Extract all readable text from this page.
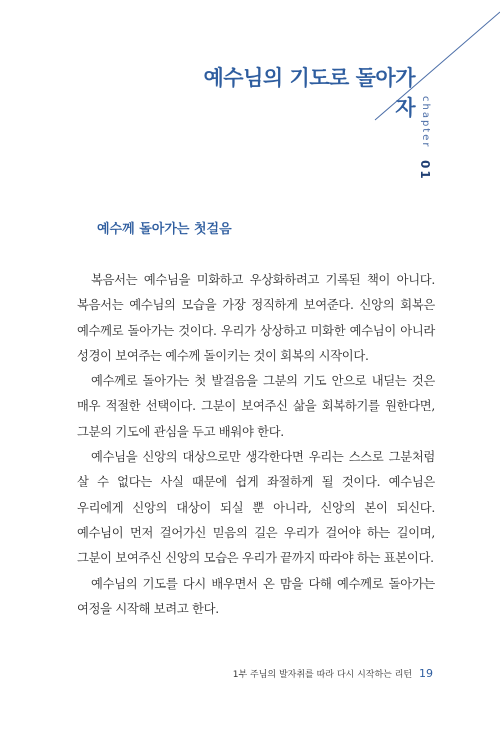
예수님의 기도로 돌아가자 chapter 01
예수께 돌아가는 첫걸음

복음서는 예수님을 미화하고 우상화하려고 기록된 책이 아니다. 복음서는 예수님의 모습을 가장 정직하게 보여준다. 신앙의 회복은 예수께로 돌아가는 것이다. 우리가 상상하고 미화한 예수님이 아니라 성경이 보여주는 예수께 돌이키는 것이 회복의 시작이다.

예수께로 돌아가는 첫 발걸음을 그분의 기도 안으로 내딛는 것은 매우 적절한 선택이다. 그분이 보여주신 삶을 회복하기를 원한다면, 그분의 기도에 관심을 두고 배워야 한다.

예수님을 신앙의 대상으로만 생각한다면 우리는 스스로 그분처럼 살 수 없다는 사실 때문에 쉽게 좌절하게 될 것이다. 예수님은 우리에게 신앙의 대상이 되실 뿐 아니라, 신앙의 본이 되신다. 예수님이 먼저 걸어가신 믿음의 길은 우리가 걸어야 하는 길이며, 그분이 보여주신 신앙의 모습은 우리가 끝까지 따라야 하는 표본이다.

예수님의 기도를 다시 배우면서 온 맘을 다해 예수께로 돌아가는 여정을 시작해 보려고 한다.

1부 주님의 발자취를 따라 다시 시작하는 리턴 19
